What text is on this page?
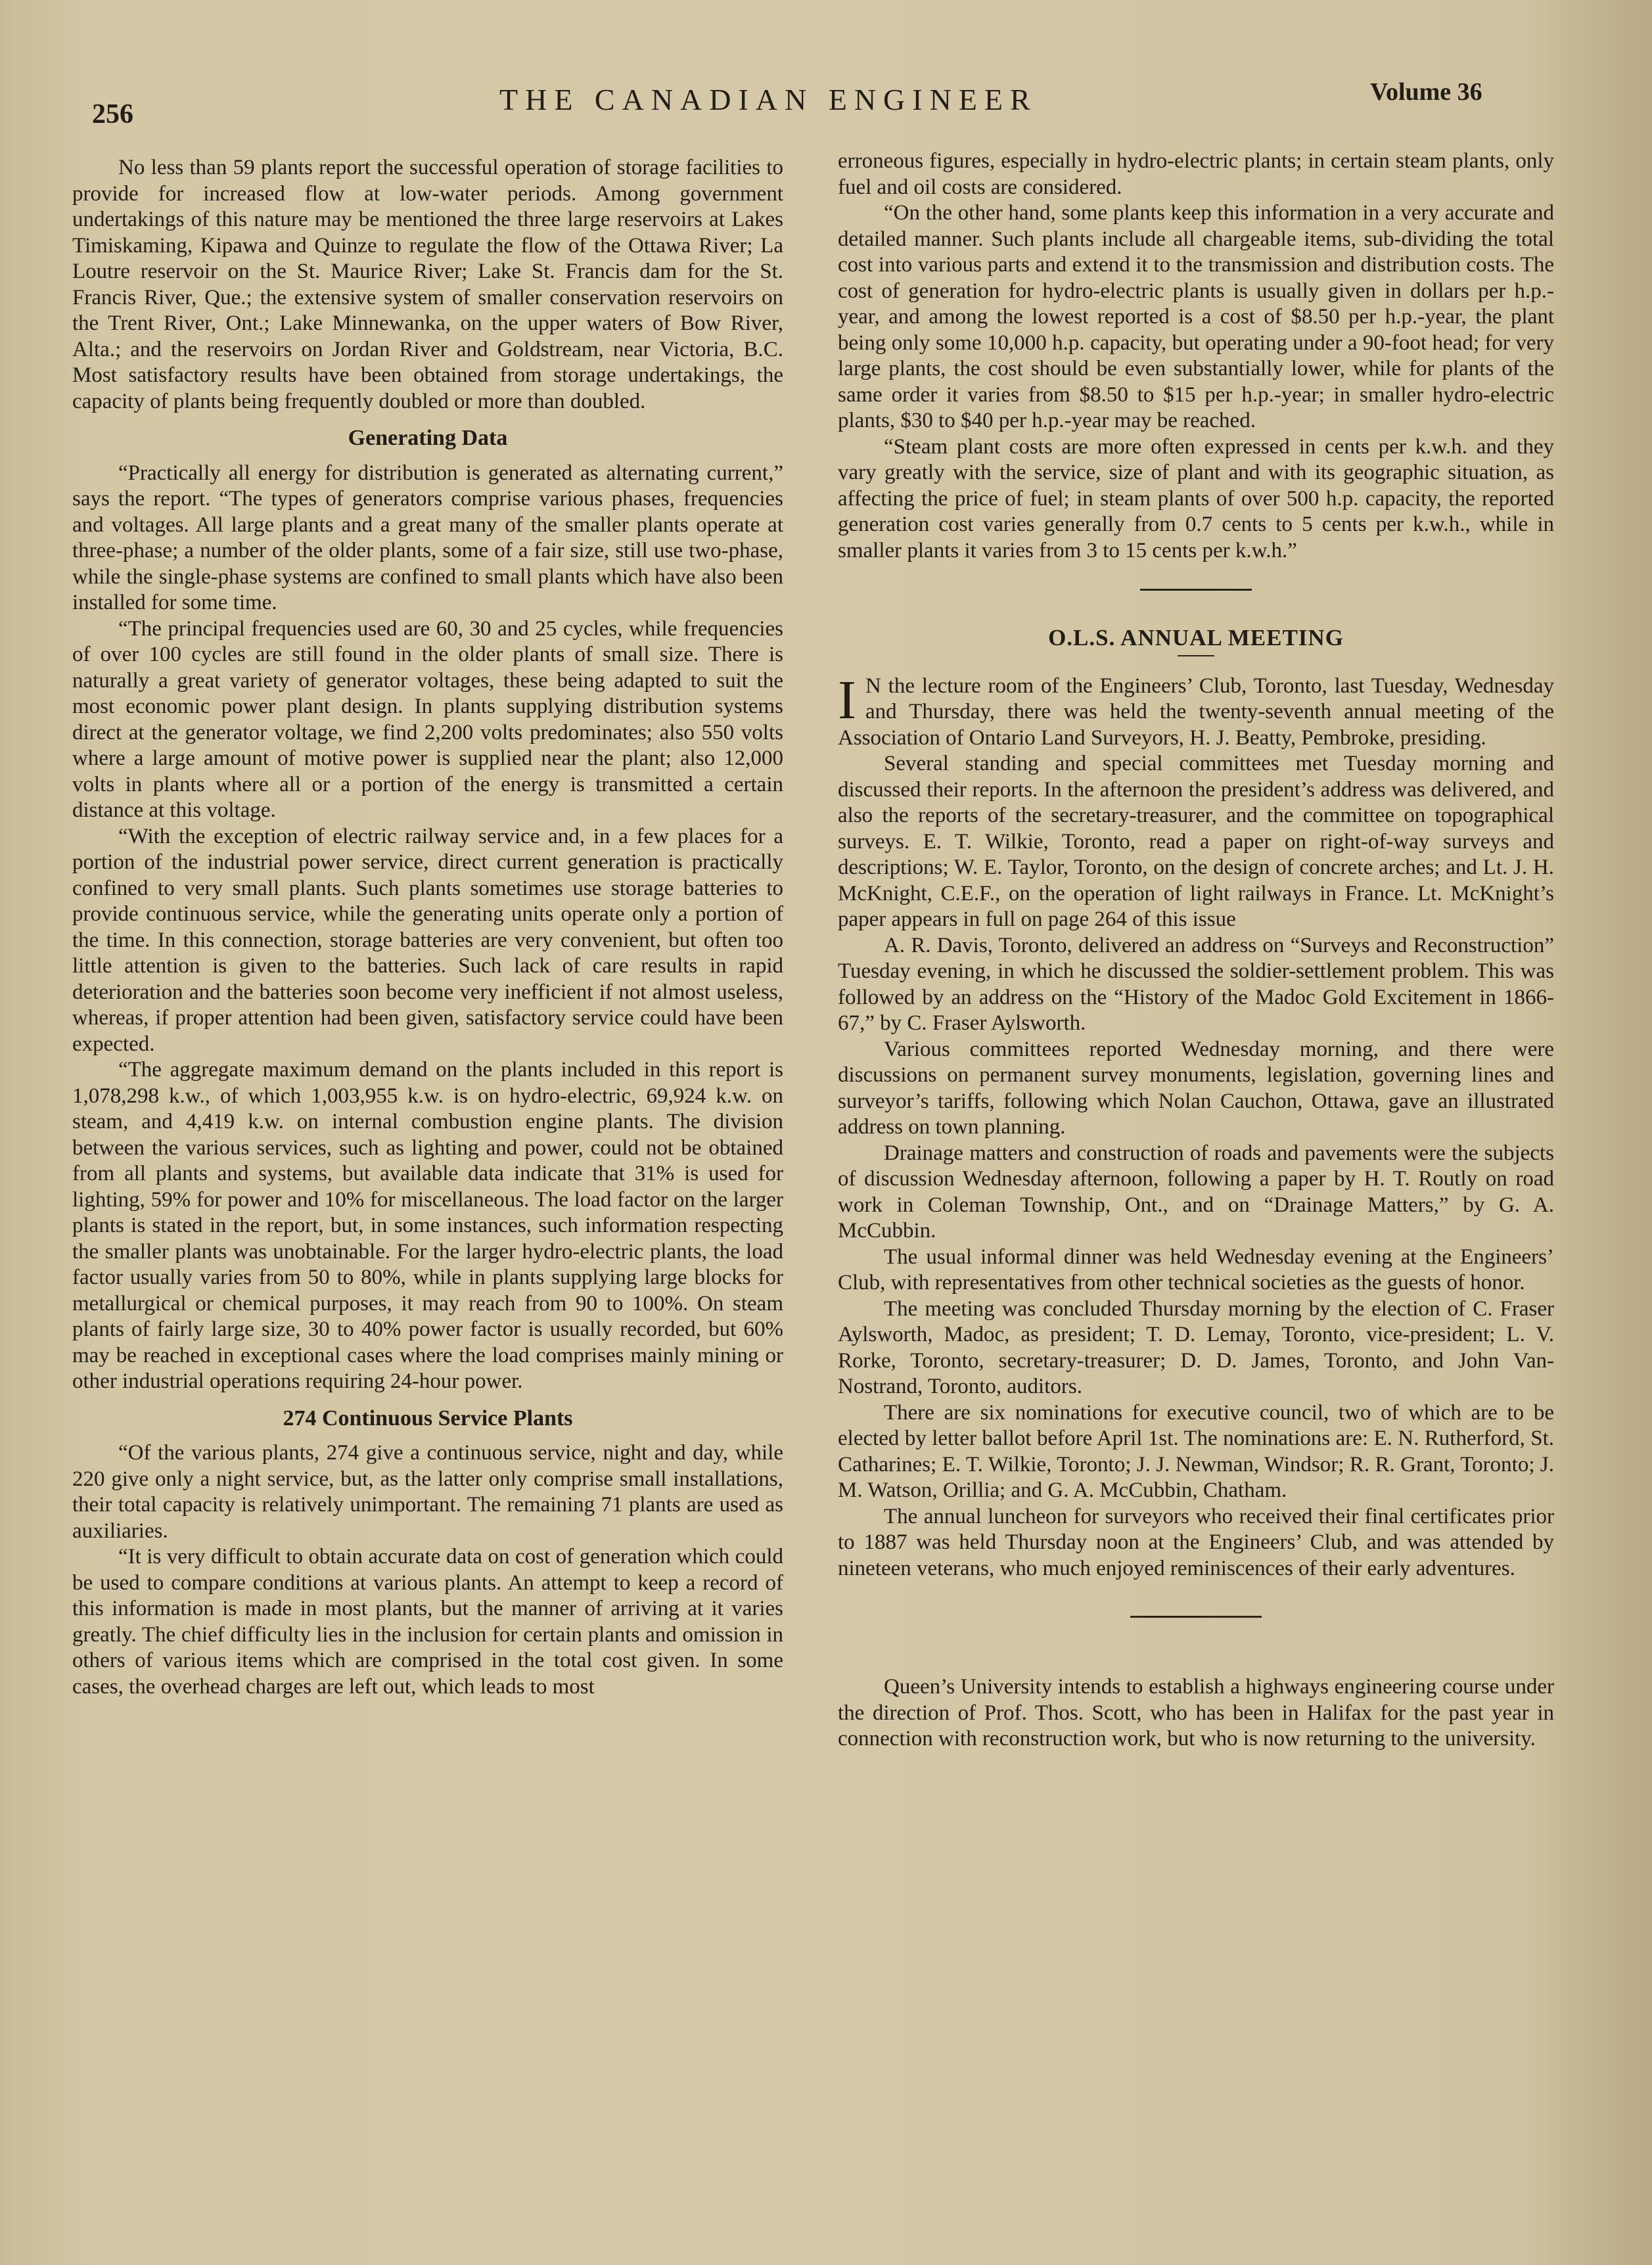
256	THE CANADIAN ENGINEER	Volume 36

No less than 59 plants report the successful operation of storage facilities to provide for increased flow at low-water periods. Among government undertakings of this nature may be mentioned the three large reservoirs at Lakes Timiskaming, Kipawa and Quinze to regulate the flow of the Ottawa River; La Loutre reservoir on the St. Maurice River; Lake St. Francis dam for the St. Francis River, Que.; the extensive system of smaller conservation reservoirs on the Trent River, Ont.; Lake Minnewanka, on the upper waters of Bow River, Alta.; and the reservoirs on Jordan River and Goldstream, near Victoria, B.C. Most satisfactory results have been obtained from storage undertakings, the capacity of plants being frequently doubled or more than doubled.

Generating Data

“Practically all energy for distribution is generated as alternating current,” says the report. “The types of generators comprise various phases, frequencies and voltages. All large plants and a great many of the smaller plants operate at three-phase; a number of the older plants, some of a fair size, still use two-phase, while the single-phase systems are confined to small plants which have also been installed for some time.

“The principal frequencies used are 60, 30 and 25 cycles, while frequencies of over 100 cycles are still found in the older plants of small size. There is naturally a great variety of generator voltages, these being adapted to suit the most economic power plant design. In plants supplying distribution systems direct at the generator voltage, we find 2,200 volts predominates; also 550 volts where a large amount of motive power is supplied near the plant; also 12,000 volts in plants where all or a portion of the energy is transmitted a certain distance at this voltage.

“With the exception of electric railway service and, in a few places for a portion of the industrial power service, direct current generation is practically confined to very small plants. Such plants sometimes use storage batteries to provide continuous service, while the generating units operate only a portion of the time. In this connection, storage batteries are very convenient, but often too little attention is given to the batteries. Such lack of care results in rapid deterioration and the batteries soon become very inefficient if not almost useless, whereas, if proper attention had been given, satisfactory service could have been expected.

“The aggregate maximum demand on the plants included in this report is 1,078,298 k.w., of which 1,003,955 k.w. is on hydro-electric, 69,924 k.w. on steam, and 4,419 k.w. on internal combustion engine plants. The division between the various services, such as lighting and power, could not be obtained from all plants and systems, but available data indicate that 31% is used for lighting, 59% for power and 10% for miscellaneous. The load factor on the larger plants is stated in the report, but, in some instances, such information respecting the smaller plants was unobtainable. For the larger hydro-electric plants, the load factor usually varies from 50 to 80%, while in plants supplying large blocks for metallurgical or chemical purposes, it may reach from 90 to 100%. On steam plants of fairly large size, 30 to 40% power factor is usually recorded, but 60% may be reached in exceptional cases where the load comprises mainly mining or other industrial operations requiring 24-hour power.

274 Continuous Service Plants

“Of the various plants, 274 give a continuous service, night and day, while 220 give only a night service, but, as the latter only comprise small installations, their total capacity is relatively unimportant. The remaining 71 plants are used as auxiliaries.

“It is very difficult to obtain accurate data on cost of generation which could be used to compare conditions at various plants. An attempt to keep a record of this information is made in most plants, but the manner of arriving at it varies greatly. The chief difficulty lies in the inclusion for certain plants and omission in others of various items which are comprised in the total cost given. In some cases, the overhead charges are left out, which leads to most

erroneous figures, especially in hydro-electric plants; in certain steam plants, only fuel and oil costs are considered.

“On the other hand, some plants keep this information in a very accurate and detailed manner. Such plants include all chargeable items, sub-dividing the total cost into various parts and extend it to the transmission and distribution costs. The cost of generation for hydro-electric plants is usually given in dollars per h.p.-year, and among the lowest reported is a cost of $8.50 per h.p.-year, the plant being only some 10,000 h.p. capacity, but operating under a 90-foot head; for very large plants, the cost should be even substantially lower, while for plants of the same order it varies from $8.50 to $15 per h.p.-year; in smaller hydro-electric plants, $30 to $40 per h.p.-year may be reached.

“Steam plant costs are more often expressed in cents per k.w.h. and they vary greatly with the service, size of plant and with its geographic situation, as affecting the price of fuel; in steam plants of over 500 h.p. capacity, the reported generation cost varies generally from 0.7 cents to 5 cents per k.w.h., while in smaller plants it varies from 3 to 15 cents per k.w.h.”

O.L.S. ANNUAL MEETING

I N the lecture room of the Engineers’ Club, Toronto, last Tuesday, Wednesday and Thursday, there was held the twenty-seventh annual meeting of the Association of Ontario Land Surveyors, H. J. Beatty, Pembroke, presiding.

Several standing and special committees met Tuesday morning and discussed their reports. In the afternoon the president’s address was delivered, and also the reports of the secretary-treasurer, and the committee on topographical surveys. E. T. Wilkie, Toronto, read a paper on right-of-way surveys and descriptions; W. E. Taylor, Toronto, on the design of concrete arches; and Lt. J. H. McKnight, C.E.F., on the operation of light railways in France. Lt. McKnight’s paper appears in full on page 264 of this issue

A. R. Davis, Toronto, delivered an address on “Surveys and Reconstruction” Tuesday evening, in which he discussed the soldier-settlement problem. This was followed by an address on the “History of the Madoc Gold Excitement in 1866-67,” by C. Fraser Aylsworth.

Various committees reported Wednesday morning, and there were discussions on permanent survey monuments, legislation, governing lines and surveyor’s tariffs, following which Nolan Cauchon, Ottawa, gave an illustrated address on town planning.

Drainage matters and construction of roads and pavements were the subjects of discussion Wednesday afternoon, following a paper by H. T. Routly on road work in Coleman Township, Ont., and on “Drainage Matters,” by G. A. McCubbin.

The usual informal dinner was held Wednesday evening at the Engineers’ Club, with representatives from other technical societies as the guests of honor.

The meeting was concluded Thursday morning by the election of C. Fraser Aylsworth, Madoc, as president; T. D. Lemay, Toronto, vice-president; L. V. Rorke, Toronto, secretary-treasurer; D. D. James, Toronto, and John Van-Nostrand, Toronto, auditors.

There are six nominations for executive council, two of which are to be elected by letter ballot before April 1st. The nominations are: E. N. Rutherford, St. Catharines; E. T. Wilkie, Toronto; J. J. Newman, Windsor; R. R. Grant, Toronto; J. M. Watson, Orillia; and G. A. McCubbin, Chatham.

The annual luncheon for surveyors who received their final certificates prior to 1887 was held Thursday noon at the Engineers’ Club, and was attended by nineteen veterans, who much enjoyed reminiscences of their early adventures.

Queen’s University intends to establish a highways engineering course under the direction of Prof. Thos. Scott, who has been in Halifax for the past year in connection with reconstruction work, but who is now returning to the university.
